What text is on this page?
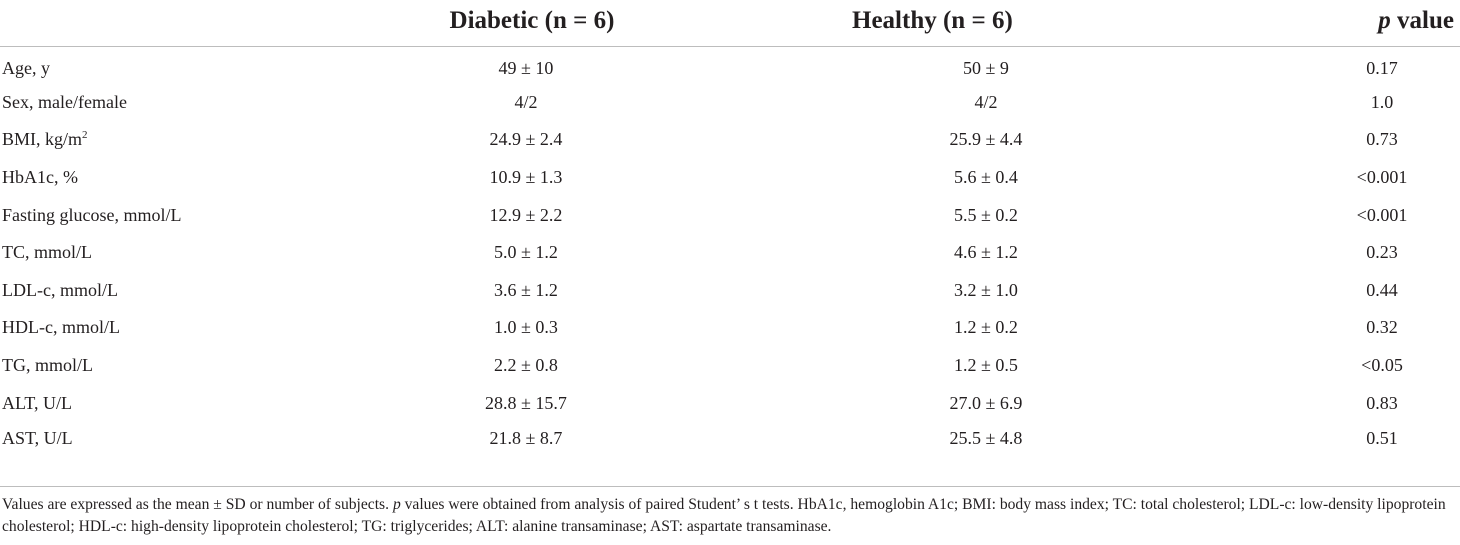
	Diabetic (n = 6)	Healthy (n = 6)	p value
Age, y	49 ± 10	50 ± 9	0.17
Sex, male/female	4/2	4/2	1.0
BMI, $kg/m^2$	24.9 ± 2.4	25.9 ± 4.4	0.73
HbA1c, %	10.9 ± 1.3	5.6 ± 0.4	<0.001
Fasting glucose, mmol/L	12.9 ± 2.2	5.5 ± 0.2	<0.001
TC, mmol/L	5.0 ± 1.2	4.6 ± 1.2	0.23
LDL-c, mmol/L	3.6 ± 1.2	3.2 ± 1.0	0.44
HDL-c, mmol/L	1.0 ± 0.3	1.2 ± 0.2	0.32
TG, mmol/L	2.2 ± 0.8	1.2 ± 0.5	<0.05
ALT, U/L	28.8 ± 15.7	27.0 ± 6.9	0.83
AST, U/L	21.8 ± 8.7	25.5 ± 4.8	0.51
Values are expressed as the mean ± SD or number of subjects. p values were obtained from analysis of paired Student’ s t tests. HbA1c, hemoglobin A1c; BMI: body mass index; TC: total cholesterol; LDL-c: low-density lipoprotein cholesterol; HDL-c: high-density lipoprotein cholesterol; TG: triglycerides; ALT: alanine transaminase; AST: aspartate transaminase.
